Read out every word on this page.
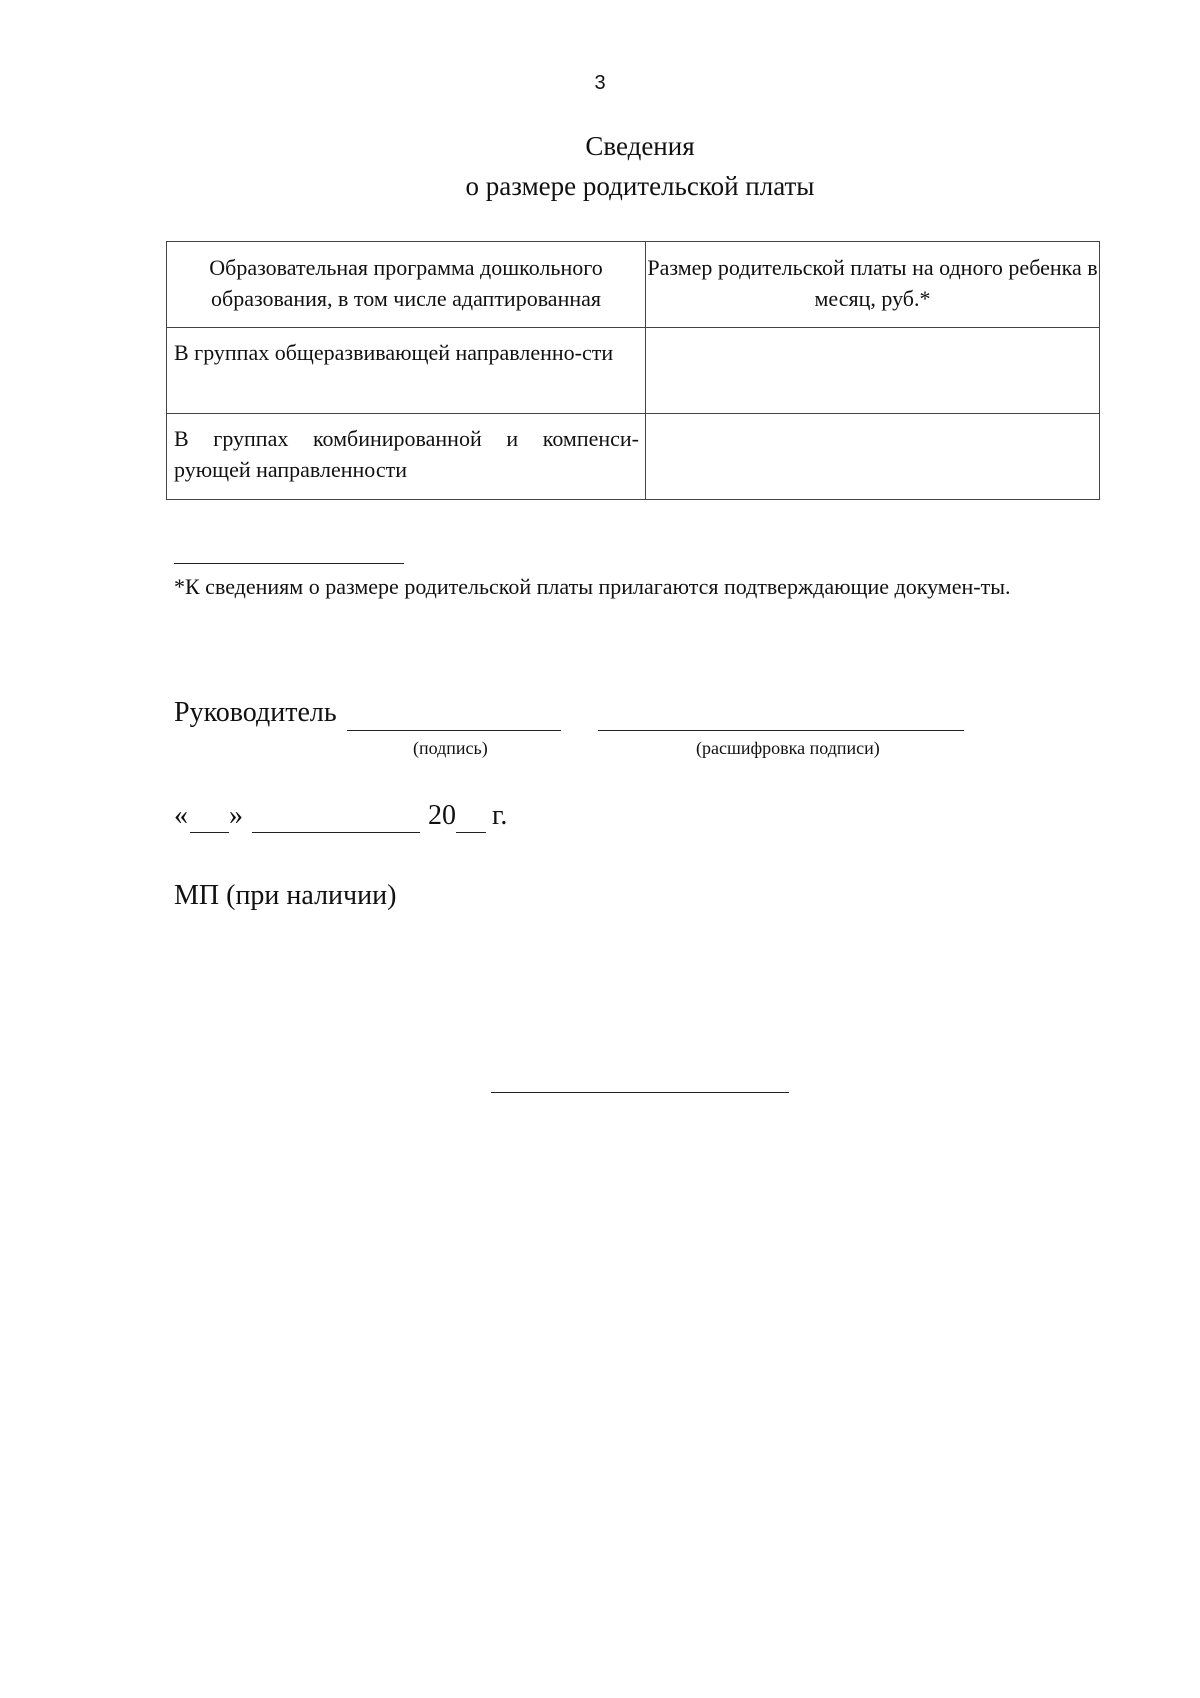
3
Сведения
о размере родительской платы
Образовательная программа дошкольного образования, в том числе адаптированная	Размер родительской платы на одного ребенка в месяц, руб.*
В группах общеразвивающей направленно-сти	
В группах комбинированной и компенси-рующей направленности	
*К сведениям о размере родительской платы прилагаются подтверждающие докумен-ты.
Руководитель
(подпись)	(расшифровка подписи)
« »	20 г.
МП (при наличии)
